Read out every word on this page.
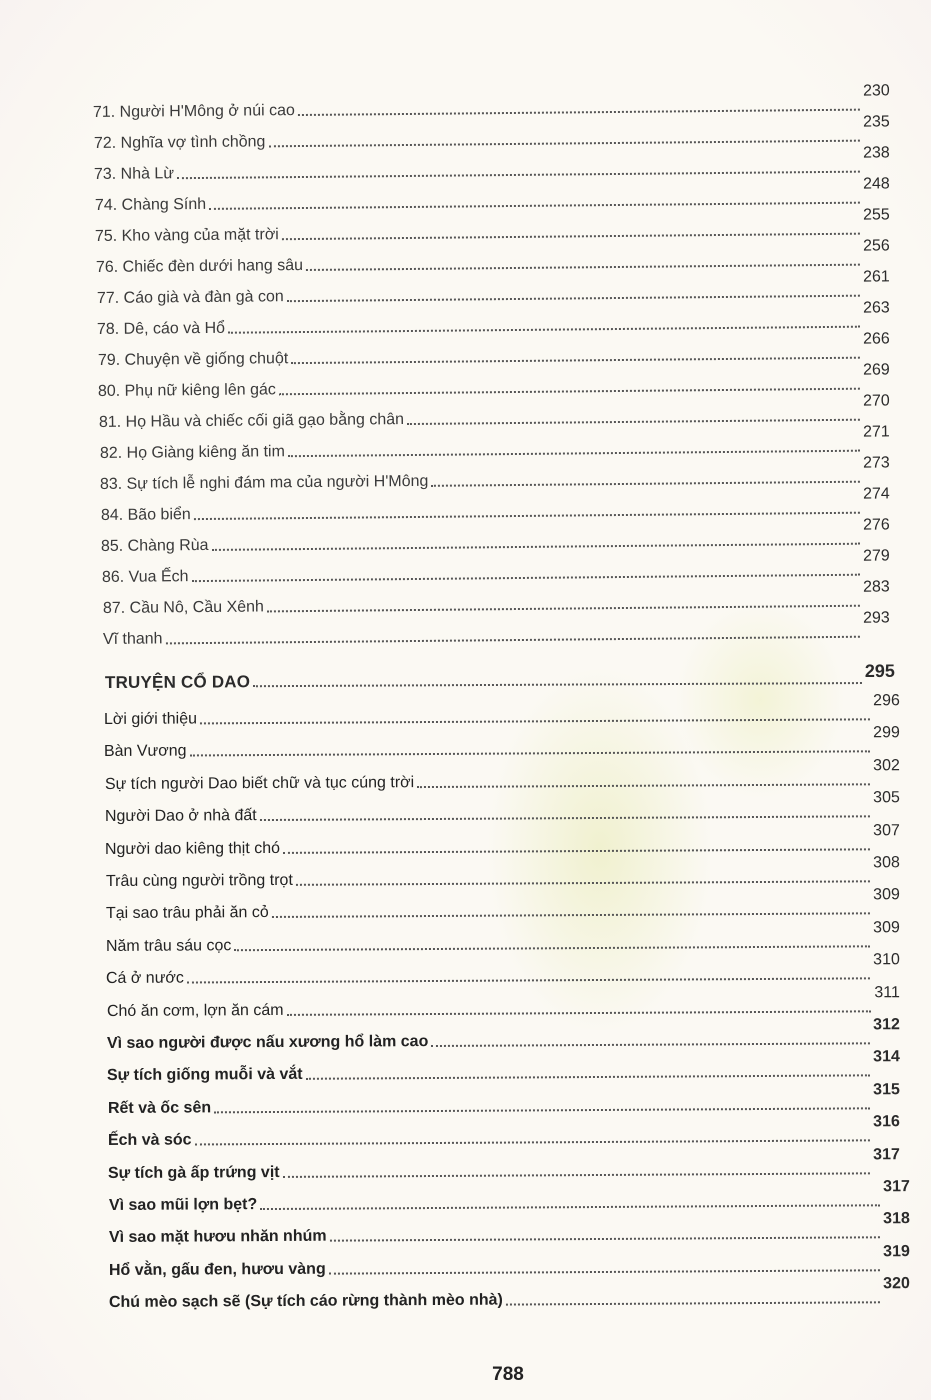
71. Người H'Mông ở núi cao
230
72. Nghĩa vợ tình chồng
235
73. Nhà Lừ
238
74. Chàng Sính
248
75. Kho vàng của mặt trời
255
76. Chiếc đèn dưới hang sâu
256
77. Cáo già và đàn gà con
261
78. Dê, cáo và Hổ
263
79. Chuyện về giống chuột
266
80. Phụ nữ kiêng lên gác
269
81. Họ Hầu và chiếc cối giã gạo bằng chân
270
82. Họ Giàng kiêng ăn tim
271
83. Sự tích lễ nghi đám ma của người H'Mông
273
84. Bão biển
274
85. Chàng Rùa
276
86. Vua Ếch
279
87. Cầu Nô, Cầu Xênh
283
Vĩ thanh
293
TRUYỆN CỔ DAO
295
Lời giới thiệu
296
Bàn Vương
299
Sự tích người Dao biết chữ và tục cúng trời
302
Người Dao ở nhà đất
305
Người dao kiêng thịt chó
307
Trâu cùng người trồng trọt
308
Tại sao trâu phải ăn cỏ
309
Năm trâu sáu cọc
309
Cá ở nước
310
Chó ăn cơm, lợn ăn cám
311
Vì sao người được nấu xương hổ làm cao
312
Sự tích giống muỗi và vắt
314
Rết và ốc sên
315
Ếch và sóc
316
Sự tích gà ấp trứng vịt
317
Vì sao mũi lợn bẹt?
317
Vì sao mặt hươu nhăn nhúm
318
Hổ vằn, gấu đen, hươu vàng
319
Chú mèo sạch sẽ (Sự tích cáo rừng thành mèo nhà)
320
788
